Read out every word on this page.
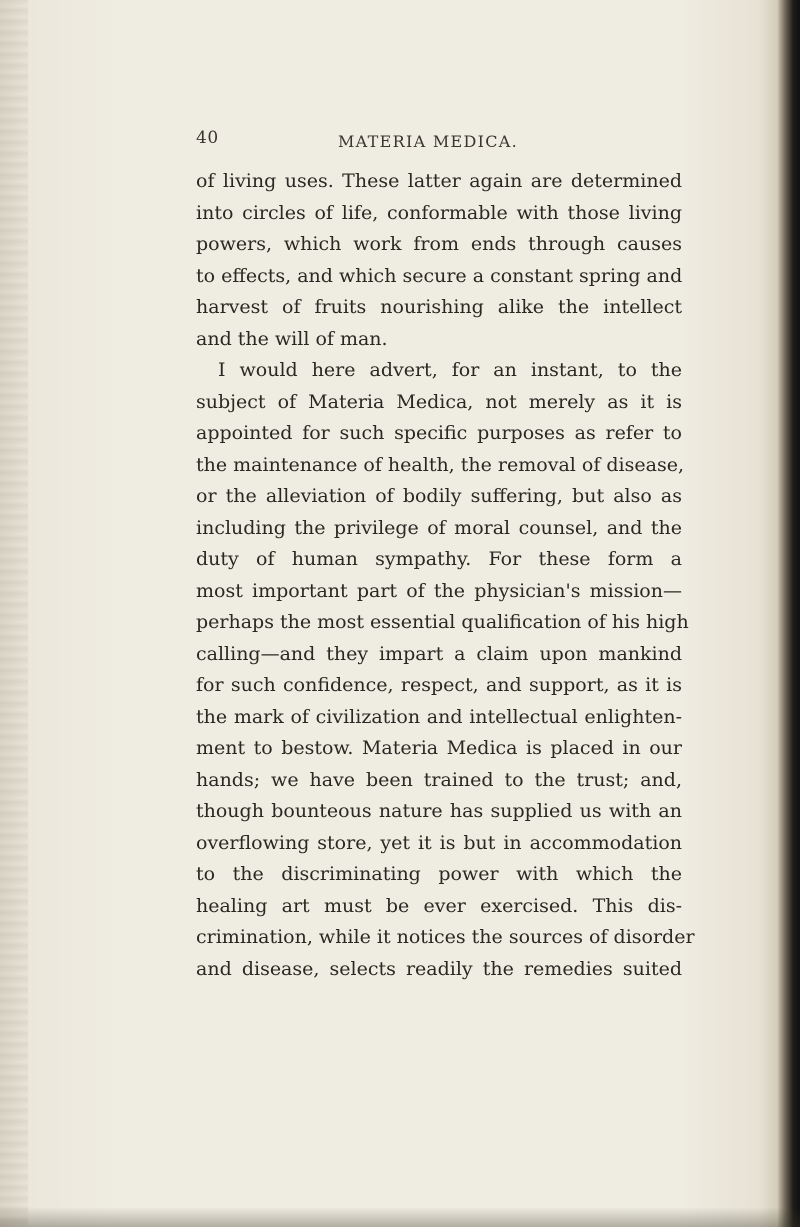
40	MATERIA MEDICA.
of living uses. These latter again are determined
into circles of life, conformable with those living
powers, which work from ends through causes
to effects, and which secure a constant spring and
harvest of fruits nourishing alike the intellect
and the will of man.
I would here advert, for an instant, to the
subject of Materia Medica, not merely as it is
appointed for such specific purposes as refer to
the maintenance of health, the removal of disease,
or the alleviation of bodily suffering, but also as
including the privilege of moral counsel, and the
duty of human sympathy. For these form a
most important part of the physician's mission—
perhaps the most essential qualification of his high
calling—and they impart a claim upon mankind
for such confidence, respect, and support, as it is
the mark of civilization and intellectual enlighten-
ment to bestow. Materia Medica is placed in our
hands; we have been trained to the trust; and,
though bounteous nature has supplied us with an
overflowing store, yet it is but in accommodation
to the discriminating power with which the
healing art must be ever exercised. This dis-
crimination, while it notices the sources of disorder
and disease, selects readily the remedies suited
